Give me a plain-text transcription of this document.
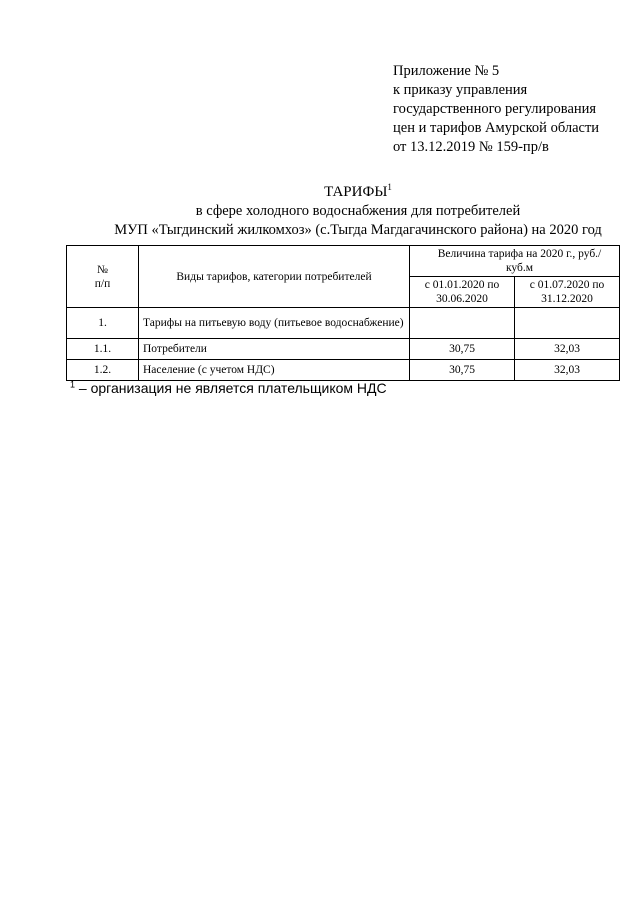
Приложение № 5
к приказу управления
государственного регулирования
цен и тарифов Амурской области
от 13.12.2019 № 159-пр/в
ТАРИФЫ$^1$
в сфере холодного водоснабжения для потребителей
МУП «Тыгдинский жилкомхоз» (с.Тыгда Магдагачинского района) на 2020 год
№
п/п	Виды тарифов, категории потребителей	Величина тарифа на 2020 г., руб./куб.м	
		с 01.01.2020 по 30.06.2020	с 01.07.2020 по 31.12.2020
1.	Тарифы на питьевую воду (питьевое водоснабжение)		
1.1.	Потребители	30,75	32,03
1.2.	Население (с учетом НДС)	30,75	32,03
$^1$ – организация не является плательщиком НДС
